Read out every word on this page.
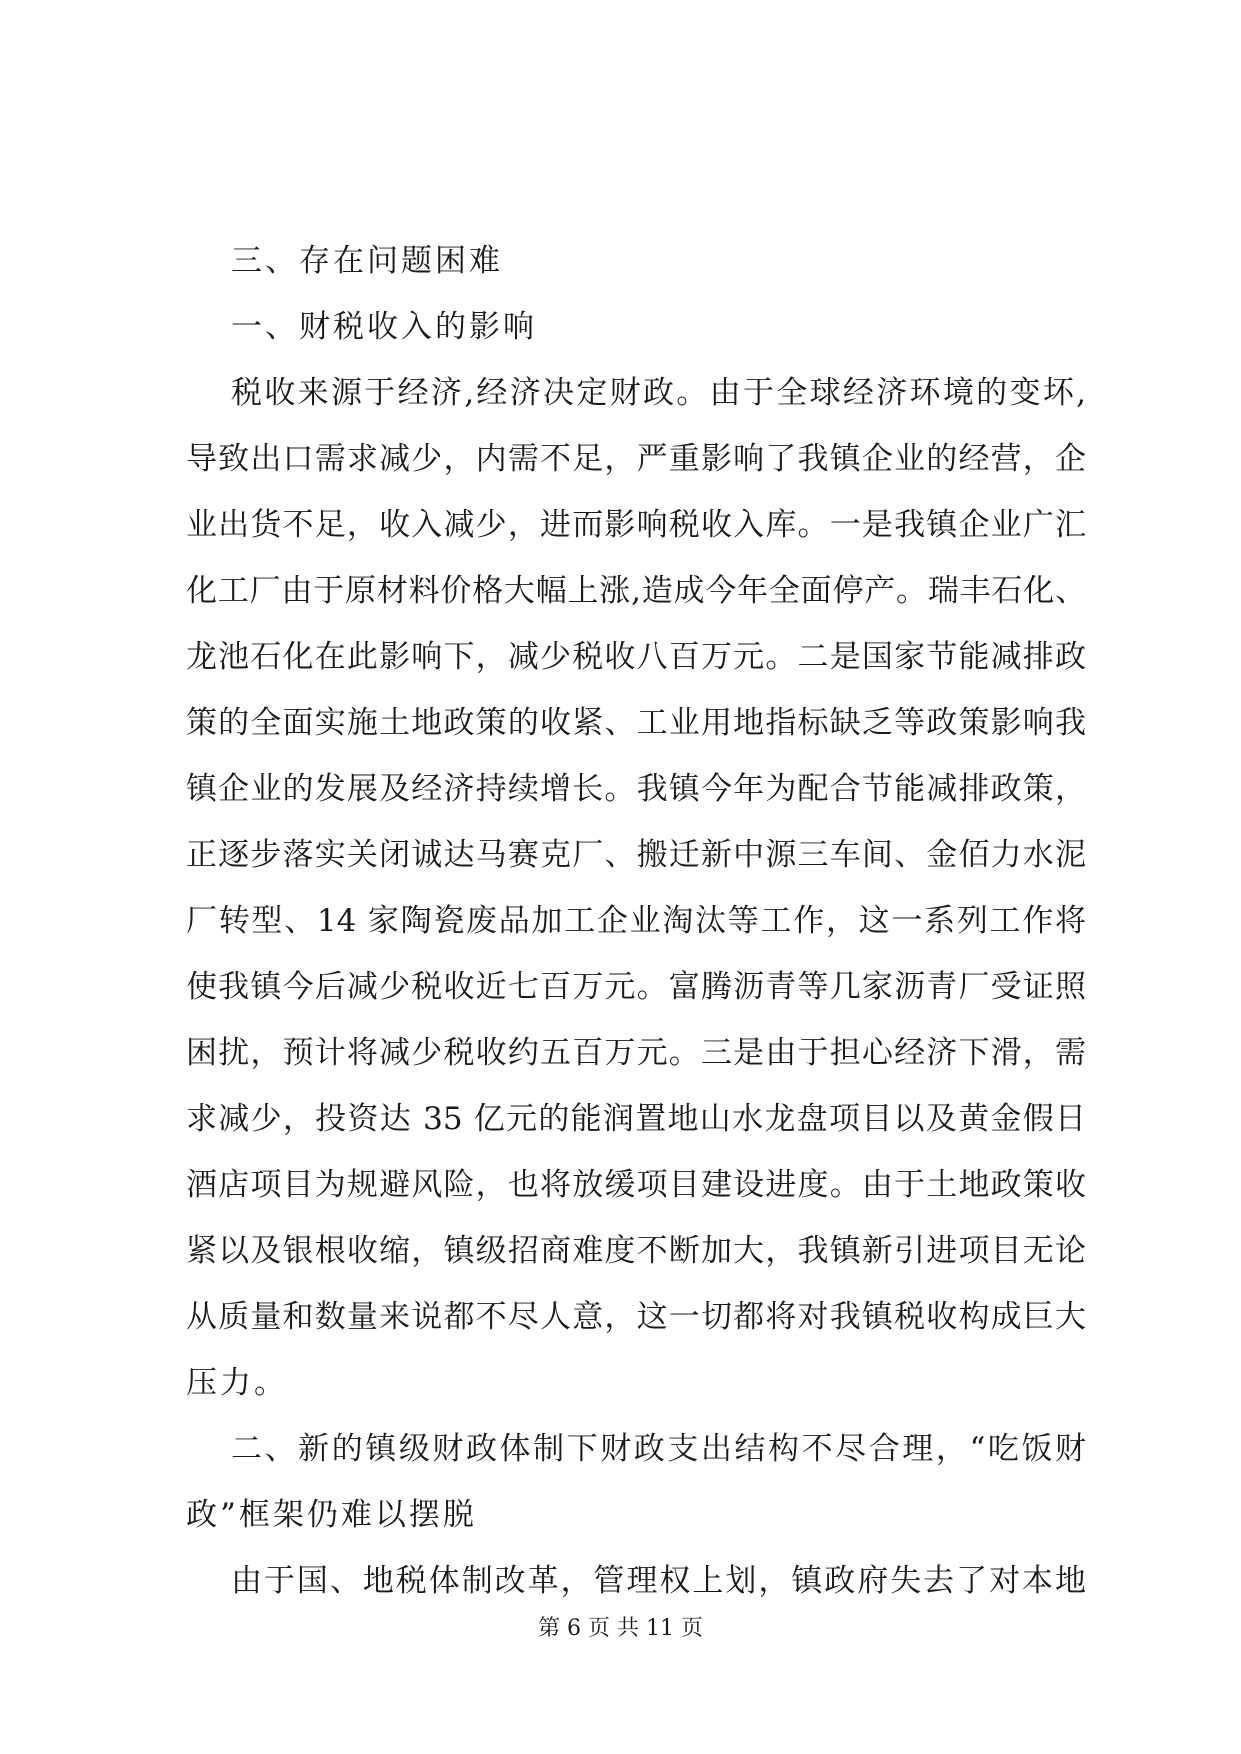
三、存在问题困难
一、财税收入的影响
税收来源于经济,经济决定财政。由于全球经济环境的变坏,
导致出口需求减少，内需不足，严重影响了我镇企业的经营，企
业出货不足，收入减少，进而影响税收入库。一是我镇企业广汇
化工厂由于原材料价格大幅上涨,造成今年全面停产。瑞丰石化、
龙池石化在此影响下，减少税收八百万元。二是国家节能减排政
策的全面实施土地政策的收紧、工业用地指标缺乏等政策影响我
镇企业的发展及经济持续增长。我镇今年为配合节能减排政策，
正逐步落实关闭诚达马赛克厂、搬迁新中源三车间、金佰力水泥
厂转型、14 家陶瓷废品加工企业淘汰等工作，这一系列工作将
使我镇今后减少税收近七百万元。富腾沥青等几家沥青厂受证照
困扰，预计将减少税收约五百万元。三是由于担心经济下滑，需
求减少，投资达 35 亿元的能润置地山水龙盘项目以及黄金假日
酒店项目为规避风险，也将放缓项目建设进度。由于土地政策收
紧以及银根收缩，镇级招商难度不断加大，我镇新引进项目无论
从质量和数量来说都不尽人意，这一切都将对我镇税收构成巨大
压力。
二、新的镇级财政体制下财政支出结构不尽合理，“吃饭财
政”框架仍难以摆脱
由于国、地税体制改革，管理权上划，镇政府失去了对本地
第 6 页 共 11 页
